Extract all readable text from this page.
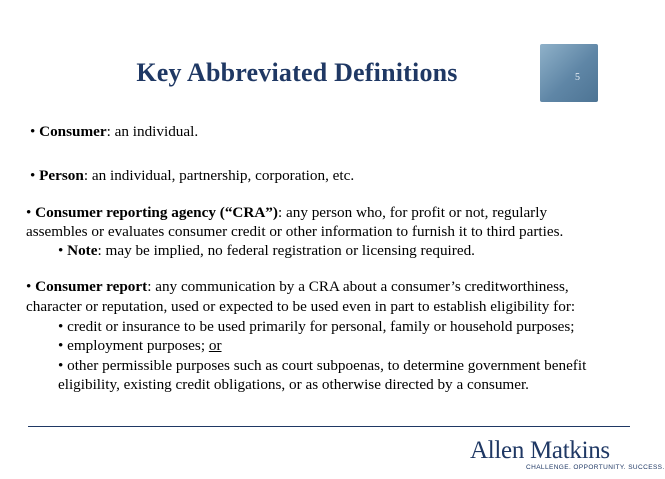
Key Abbreviated Definitions	5
• Consumer: an individual.
• Person: an individual, partnership, corporation, etc.
• Consumer reporting agency (“CRA”): any person who, for profit or not, regularly
assembles or evaluates consumer credit or other information to furnish it to third parties.
• Note: may be implied, no federal registration or licensing required.
• Consumer report: any communication by a CRA about a consumer’s creditworthiness,
character or reputation, used or expected to be used even in part to establish eligibility for:
• credit or insurance to be used primarily for personal, family or household purposes;
• employment purposes; or
• other permissible purposes such as court subpoenas, to determine government benefit
eligibility, existing credit obligations, or as otherwise directed by a consumer.
Allen Matkins
CHALLENGE. OPPORTUNITY. SUCCESS.
